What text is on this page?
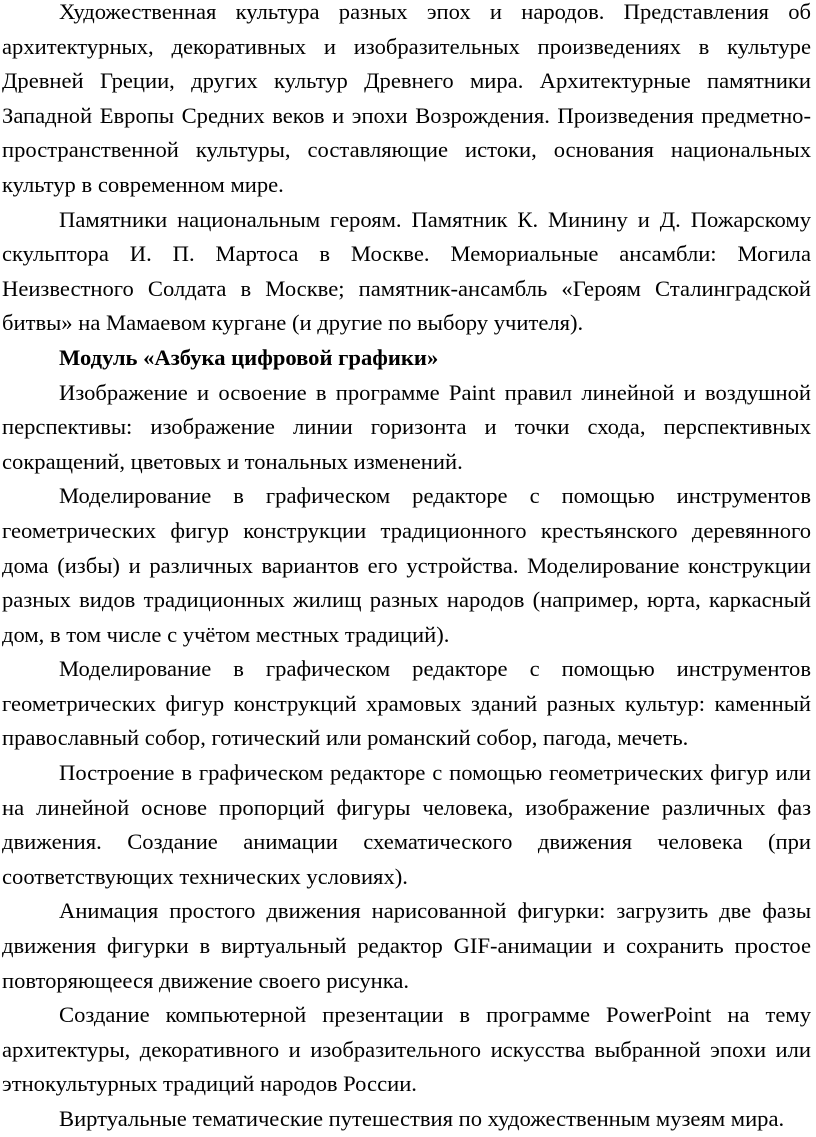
Художественная культура разных эпох и народов. Представления об архитектурных, декоративных и изобразительных произведениях в культуре Древней Греции, других культур Древнего мира. Архитектурные памятники Западной Европы Средних веков и эпохи Возрождения. Произведения предметно-пространственной культуры, составляющие истоки, основания национальных культур в современном мире.

Памятники национальным героям. Памятник К. Минину и Д. Пожарскому скульптора И. П. Мартоса в Москве. Мемориальные ансамбли: Могила Неизвестного Солдата в Москве; памятник-ансамбль «Героям Сталинградской битвы» на Мамаевом кургане (и другие по выбору учителя).

Модуль «Азбука цифровой графики»

Изображение и освоение в программе Paint правил линейной и воздушной перспективы: изображение линии горизонта и точки схода, перспективных сокращений, цветовых и тональных изменений.

Моделирование в графическом редакторе с помощью инструментов геометрических фигур конструкции традиционного крестьянского деревянного дома (избы) и различных вариантов его устройства. Моделирование конструкции разных видов традиционных жилищ разных народов (например, юрта, каркасный дом, в том числе с учётом местных традиций).

Моделирование в графическом редакторе с помощью инструментов геометрических фигур конструкций храмовых зданий разных культур: каменный православный собор, готический или романский собор, пагода, мечеть.

Построение в графическом редакторе с помощью геометрических фигур или на линейной основе пропорций фигуры человека, изображение различных фаз движения. Создание анимации схематического движения человека (при соответствующих технических условиях).

Анимация простого движения нарисованной фигурки: загрузить две фазы движения фигурки в виртуальный редактор GIF-анимации и сохранить простое повторяющееся движение своего рисунка.

Создание компьютерной презентации в программе PowerPoint на тему архитектуры, декоративного и изобразительного искусства выбранной эпохи или этнокультурных традиций народов России.

Виртуальные тематические путешествия по художественным музеям мира.
